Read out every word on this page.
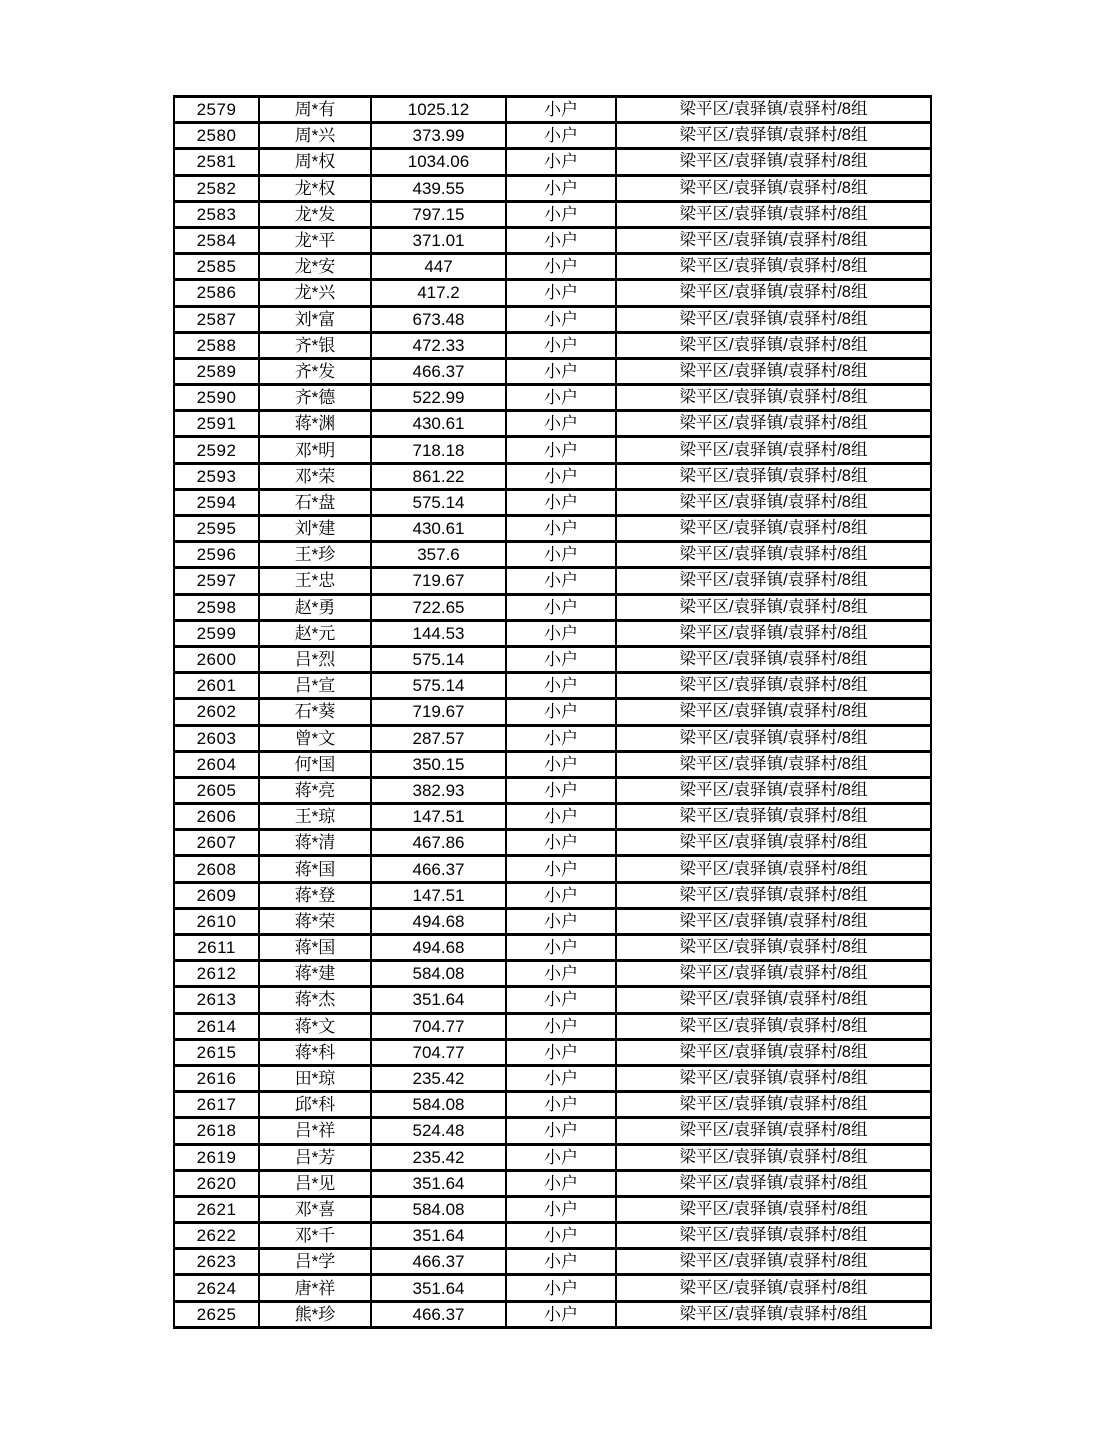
2579	周*有	1025.12	小户	梁平区/袁驿镇/袁驿村/8组
2580	周*兴	373.99	小户	梁平区/袁驿镇/袁驿村/8组
2581	周*权	1034.06	小户	梁平区/袁驿镇/袁驿村/8组
2582	龙*权	439.55	小户	梁平区/袁驿镇/袁驿村/8组
2583	龙*发	797.15	小户	梁平区/袁驿镇/袁驿村/8组
2584	龙*平	371.01	小户	梁平区/袁驿镇/袁驿村/8组
2585	龙*安	447	小户	梁平区/袁驿镇/袁驿村/8组
2586	龙*兴	417.2	小户	梁平区/袁驿镇/袁驿村/8组
2587	刘*富	673.48	小户	梁平区/袁驿镇/袁驿村/8组
2588	齐*银	472.33	小户	梁平区/袁驿镇/袁驿村/8组
2589	齐*发	466.37	小户	梁平区/袁驿镇/袁驿村/8组
2590	齐*德	522.99	小户	梁平区/袁驿镇/袁驿村/8组
2591	蒋*渊	430.61	小户	梁平区/袁驿镇/袁驿村/8组
2592	邓*明	718.18	小户	梁平区/袁驿镇/袁驿村/8组
2593	邓*荣	861.22	小户	梁平区/袁驿镇/袁驿村/8组
2594	石*盘	575.14	小户	梁平区/袁驿镇/袁驿村/8组
2595	刘*建	430.61	小户	梁平区/袁驿镇/袁驿村/8组
2596	王*珍	357.6	小户	梁平区/袁驿镇/袁驿村/8组
2597	王*忠	719.67	小户	梁平区/袁驿镇/袁驿村/8组
2598	赵*勇	722.65	小户	梁平区/袁驿镇/袁驿村/8组
2599	赵*元	144.53	小户	梁平区/袁驿镇/袁驿村/8组
2600	吕*烈	575.14	小户	梁平区/袁驿镇/袁驿村/8组
2601	吕*宣	575.14	小户	梁平区/袁驿镇/袁驿村/8组
2602	石*葵	719.67	小户	梁平区/袁驿镇/袁驿村/8组
2603	曾*文	287.57	小户	梁平区/袁驿镇/袁驿村/8组
2604	何*国	350.15	小户	梁平区/袁驿镇/袁驿村/8组
2605	蒋*亮	382.93	小户	梁平区/袁驿镇/袁驿村/8组
2606	王*琼	147.51	小户	梁平区/袁驿镇/袁驿村/8组
2607	蒋*清	467.86	小户	梁平区/袁驿镇/袁驿村/8组
2608	蒋*国	466.37	小户	梁平区/袁驿镇/袁驿村/8组
2609	蒋*登	147.51	小户	梁平区/袁驿镇/袁驿村/8组
2610	蒋*荣	494.68	小户	梁平区/袁驿镇/袁驿村/8组
2611	蒋*国	494.68	小户	梁平区/袁驿镇/袁驿村/8组
2612	蒋*建	584.08	小户	梁平区/袁驿镇/袁驿村/8组
2613	蒋*杰	351.64	小户	梁平区/袁驿镇/袁驿村/8组
2614	蒋*文	704.77	小户	梁平区/袁驿镇/袁驿村/8组
2615	蒋*科	704.77	小户	梁平区/袁驿镇/袁驿村/8组
2616	田*琼	235.42	小户	梁平区/袁驿镇/袁驿村/8组
2617	邱*科	584.08	小户	梁平区/袁驿镇/袁驿村/8组
2618	吕*祥	524.48	小户	梁平区/袁驿镇/袁驿村/8组
2619	吕*芳	235.42	小户	梁平区/袁驿镇/袁驿村/8组
2620	吕*见	351.64	小户	梁平区/袁驿镇/袁驿村/8组
2621	邓*喜	584.08	小户	梁平区/袁驿镇/袁驿村/8组
2622	邓*千	351.64	小户	梁平区/袁驿镇/袁驿村/8组
2623	吕*学	466.37	小户	梁平区/袁驿镇/袁驿村/8组
2624	唐*祥	351.64	小户	梁平区/袁驿镇/袁驿村/8组
2625	熊*珍	466.37	小户	梁平区/袁驿镇/袁驿村/8组
